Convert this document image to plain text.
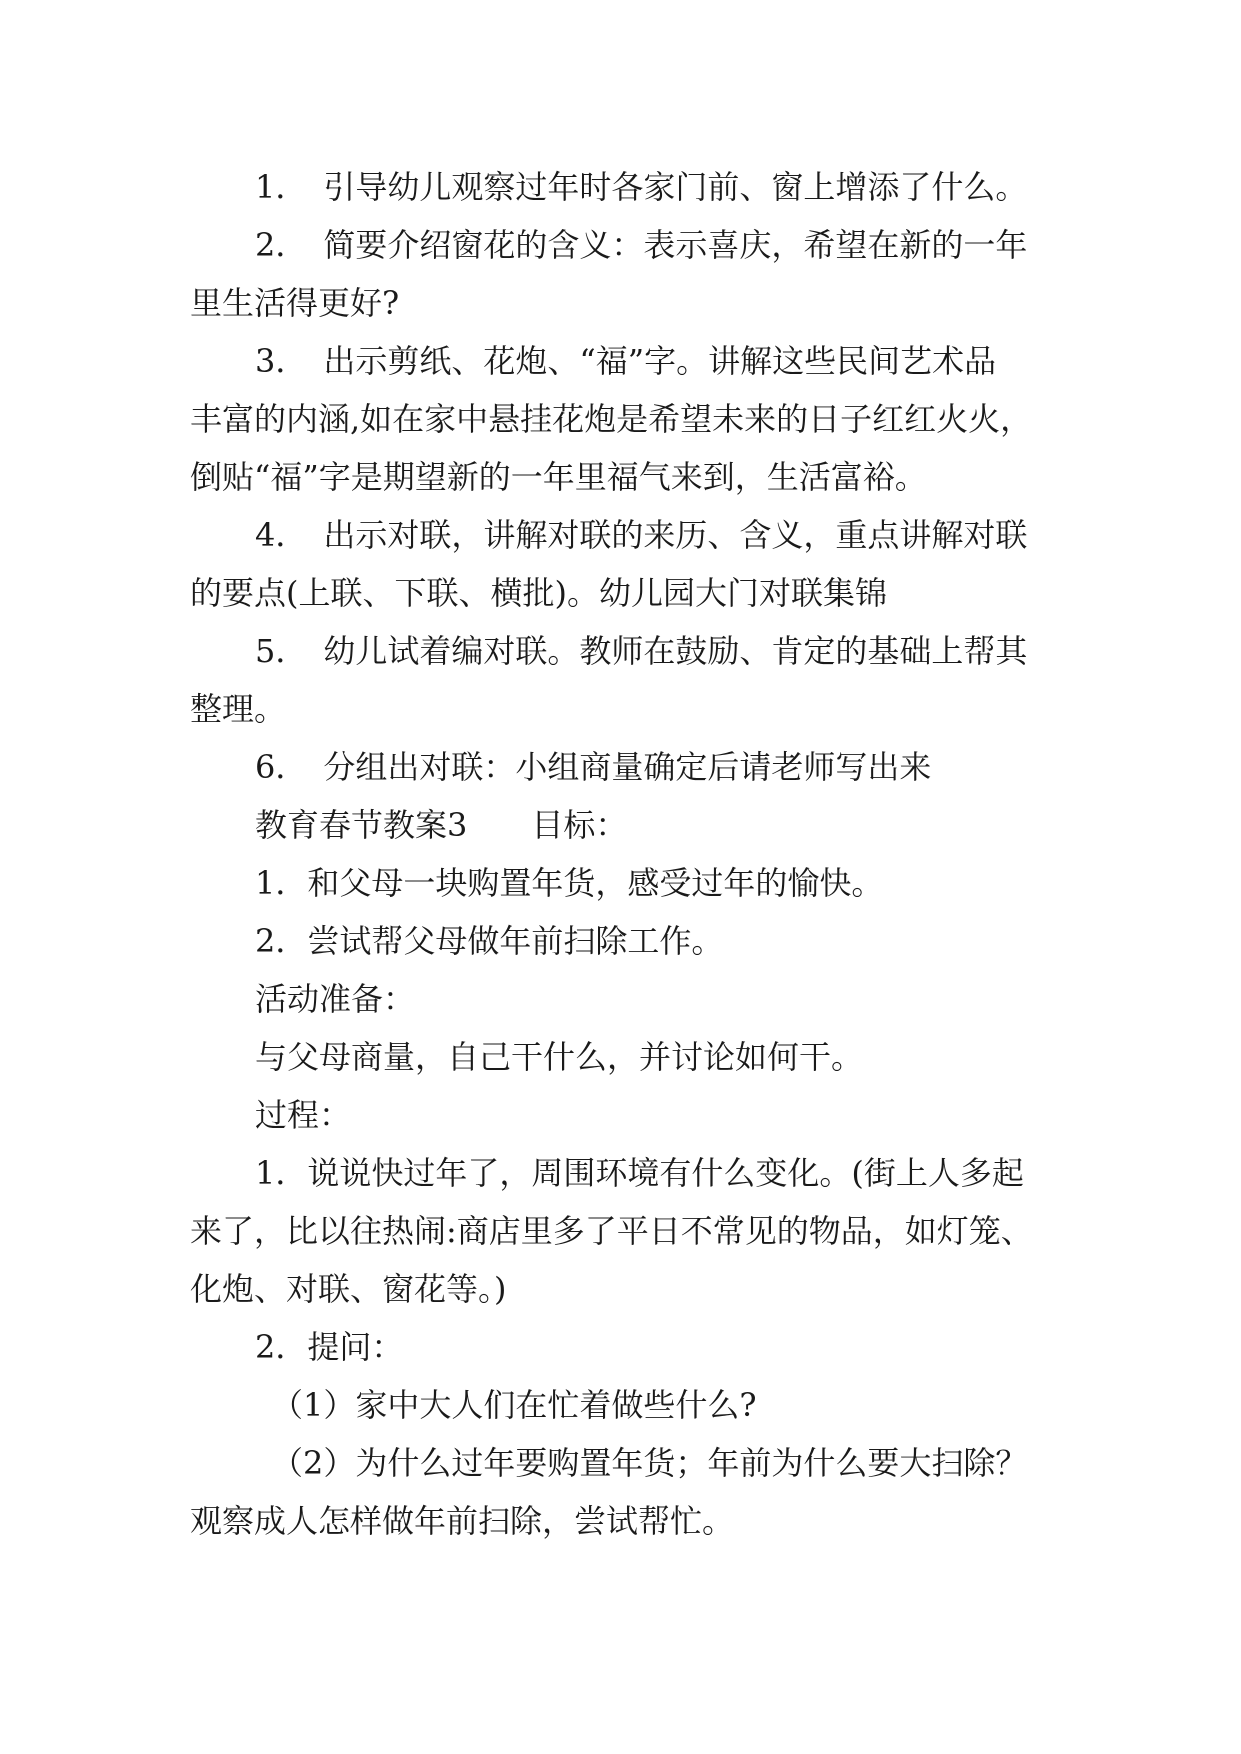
1．　引导幼儿观察过年时各家门前、窗上增添了什么。

2．　简要介绍窗花的含义：表示喜庆，希望在新的一年

里生活得更好?

3．　出示剪纸、花炮、“福”字。讲解这些民间艺术品

丰富的内涵,如在家中悬挂花炮是希望未来的日子红红火火，

倒贴“福”字是期望新的一年里福气来到，生活富裕。

4．　出示对联，讲解对联的来历、含义，重点讲解对联

的要点(上联、下联、横批)。幼儿园大门对联集锦

5．　幼儿试着编对联。教师在鼓励、肯定的基础上帮其

整理。

6．　分组出对联：小组商量确定后请老师写出来

教育春节教案3　　目标：

1．和父母一块购置年货，感受过年的愉快。

2．尝试帮父母做年前扫除工作。

活动准备：

与父母商量，自己干什么，并讨论如何干。

过程：

1．说说快过年了，周围环境有什么变化。(街上人多起

来了，比以往热闹:商店里多了平日不常见的物品，如灯笼、

化炮、对联、窗花等。)

2．提问：

（1）家中大人们在忙着做些什么?

（2）为什么过年要购置年货；年前为什么要大扫除？

观察成人怎样做年前扫除，尝试帮忙。
